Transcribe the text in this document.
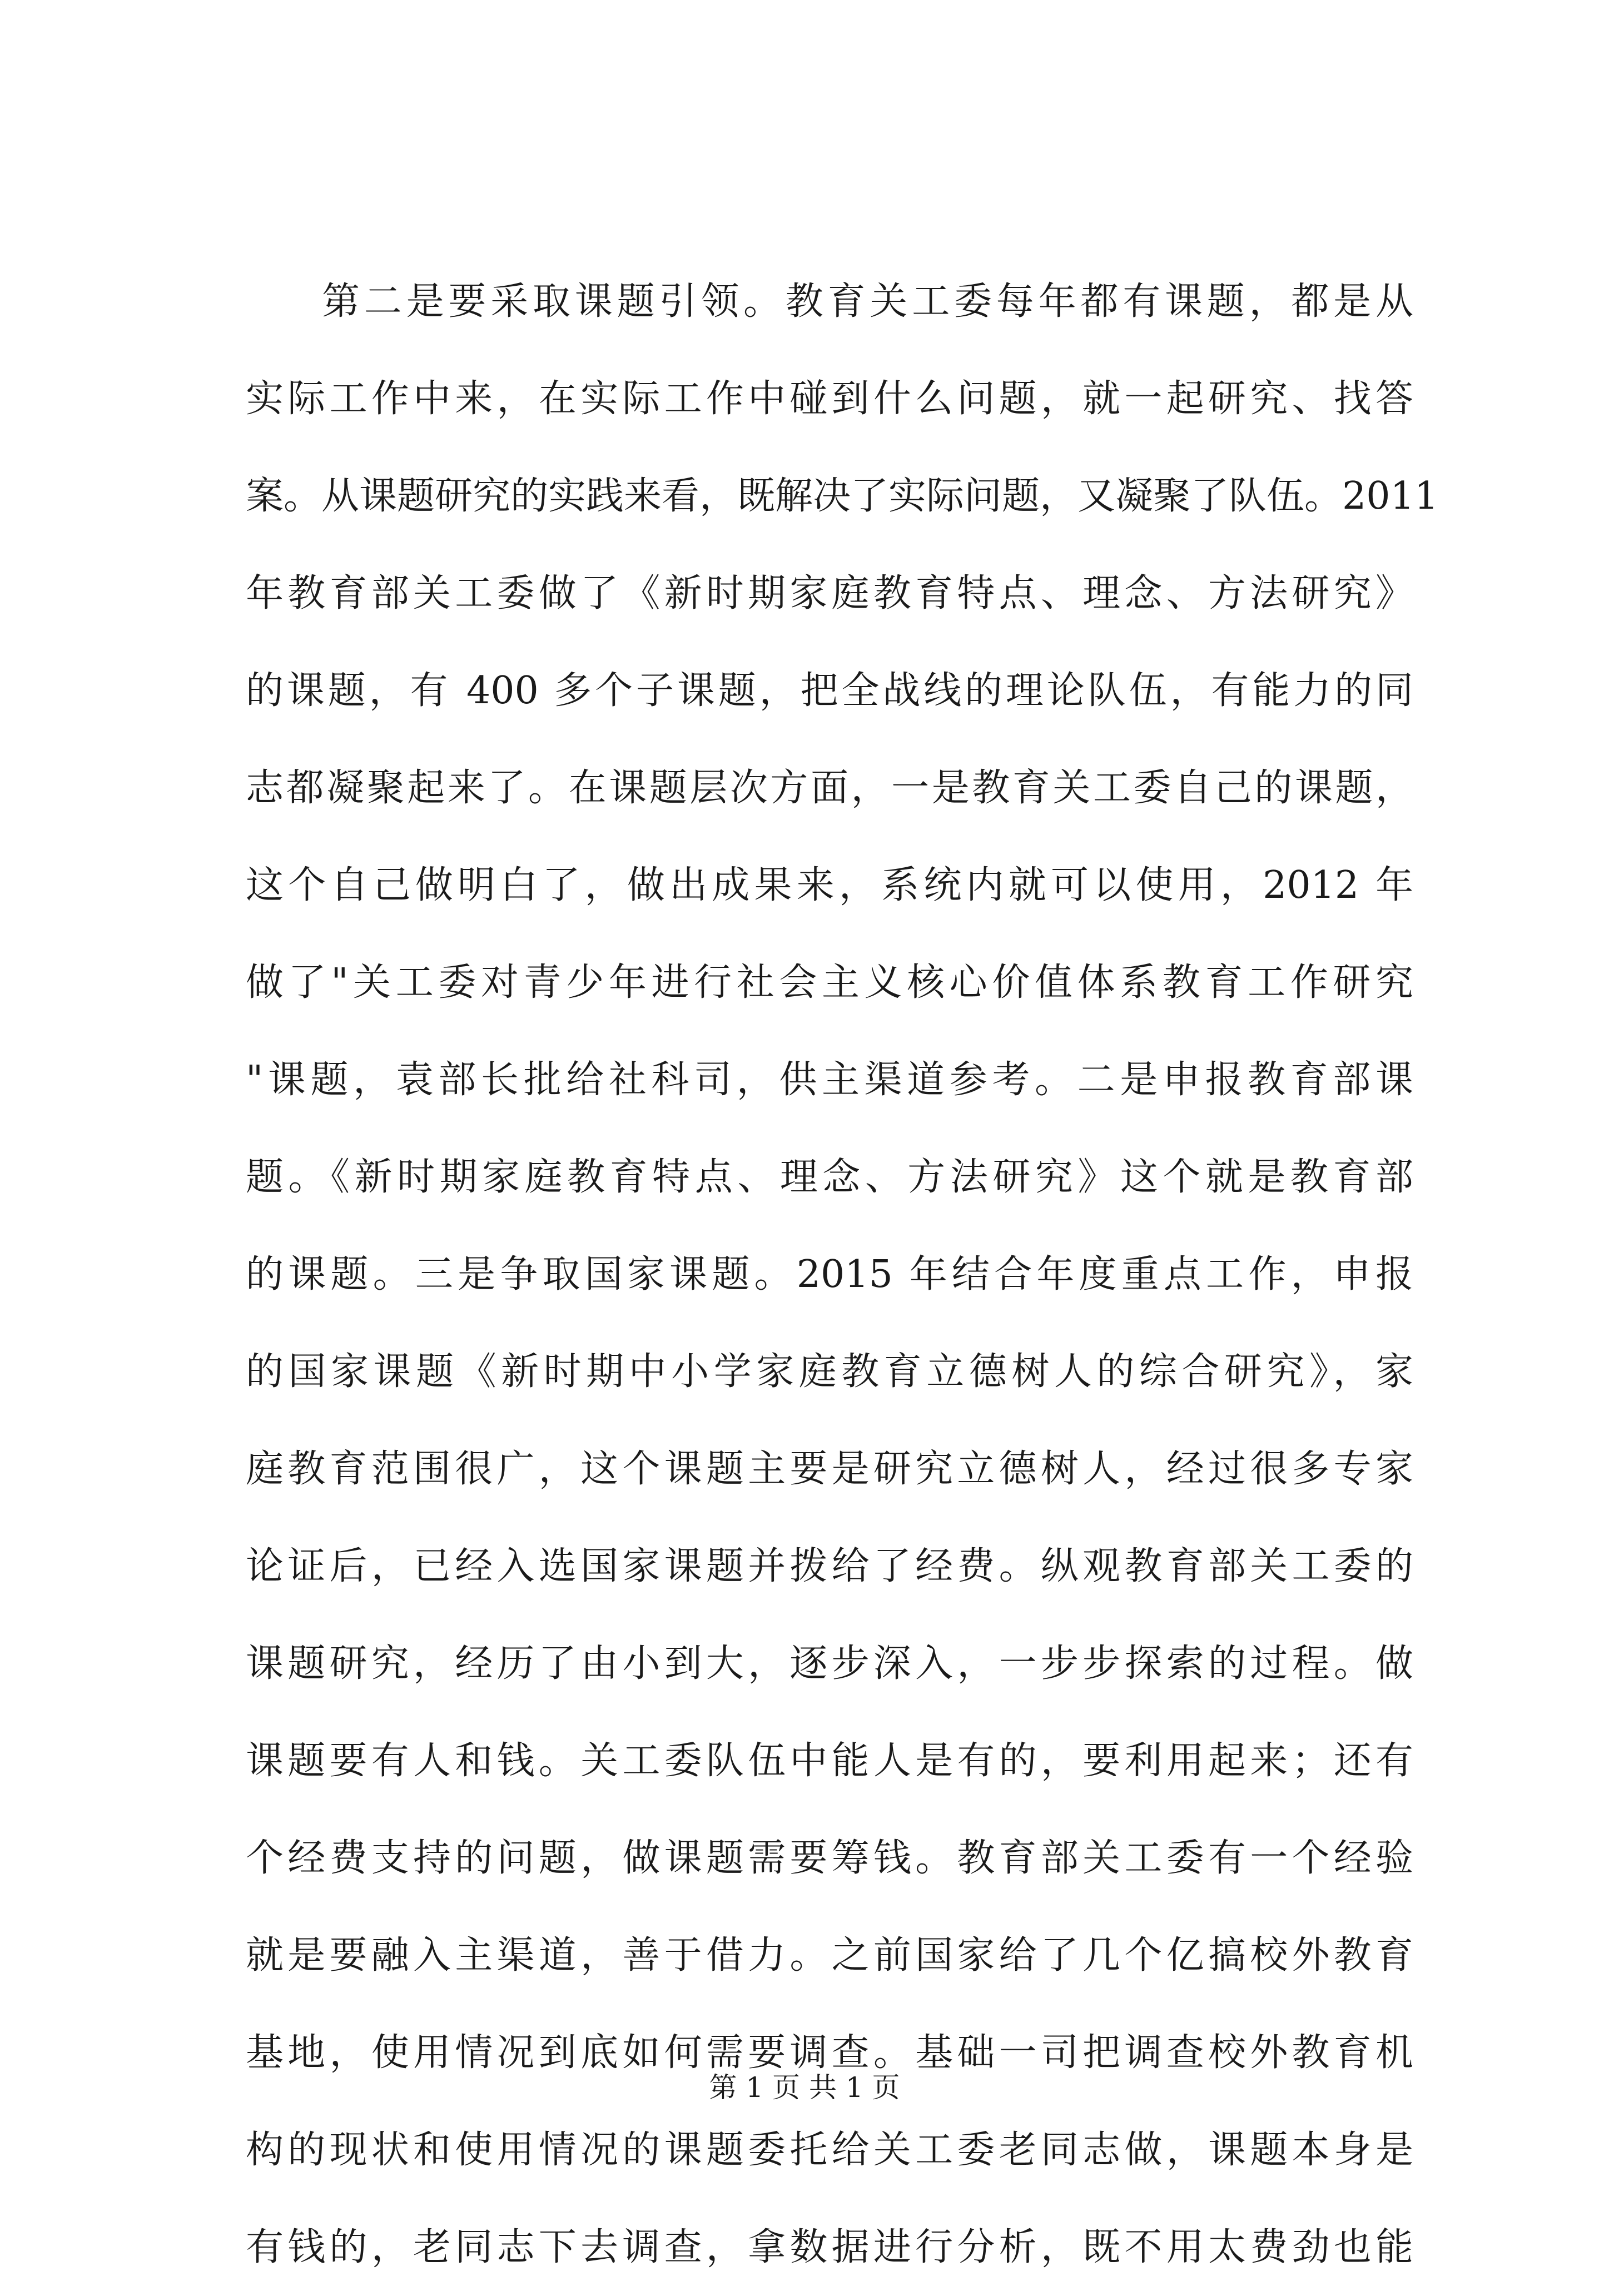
第二是要采取课题引领。教育关工委每年都有课题，都是从
实际工作中来，在实际工作中碰到什么问题，就一起研究、找答
案。从课题研究的实践来看，既解决了实际问题，又凝聚了队伍。2011
年教育部关工委做了《新时期家庭教育特点、理念、方法研究》
的课题，有 400 多个子课题，把全战线的理论队伍，有能力的同
志都凝聚起来了。在课题层次方面，一是教育关工委自己的课题，
这个自己做明白了，做出成果来，系统内就可以使用，2012 年
做了"关工委对青少年进行社会主义核心价值体系教育工作研究
"课题，袁部长批给社科司，供主渠道参考。二是申报教育部课
题。《新时期家庭教育特点、理念、方法研究》这个就是教育部
的课题。三是争取国家课题。2015 年结合年度重点工作，申报
的国家课题《新时期中小学家庭教育立德树人的综合研究》，家
庭教育范围很广，这个课题主要是研究立德树人，经过很多专家
论证后，已经入选国家课题并拨给了经费。纵观教育部关工委的
课题研究，经历了由小到大，逐步深入，一步步探索的过程。做
课题要有人和钱。关工委队伍中能人是有的，要利用起来；还有
个经费支持的问题，做课题需要筹钱。教育部关工委有一个经验
就是要融入主渠道，善于借力。之前国家给了几个亿搞校外教育
基地，使用情况到底如何需要调查。基础一司把调查校外教育机
构的现状和使用情况的课题委托给关工委老同志做，课题本身是
有钱的，老同志下去调查，拿数据进行分析，既不用太费劲也能
第 1 页 共 1 页
